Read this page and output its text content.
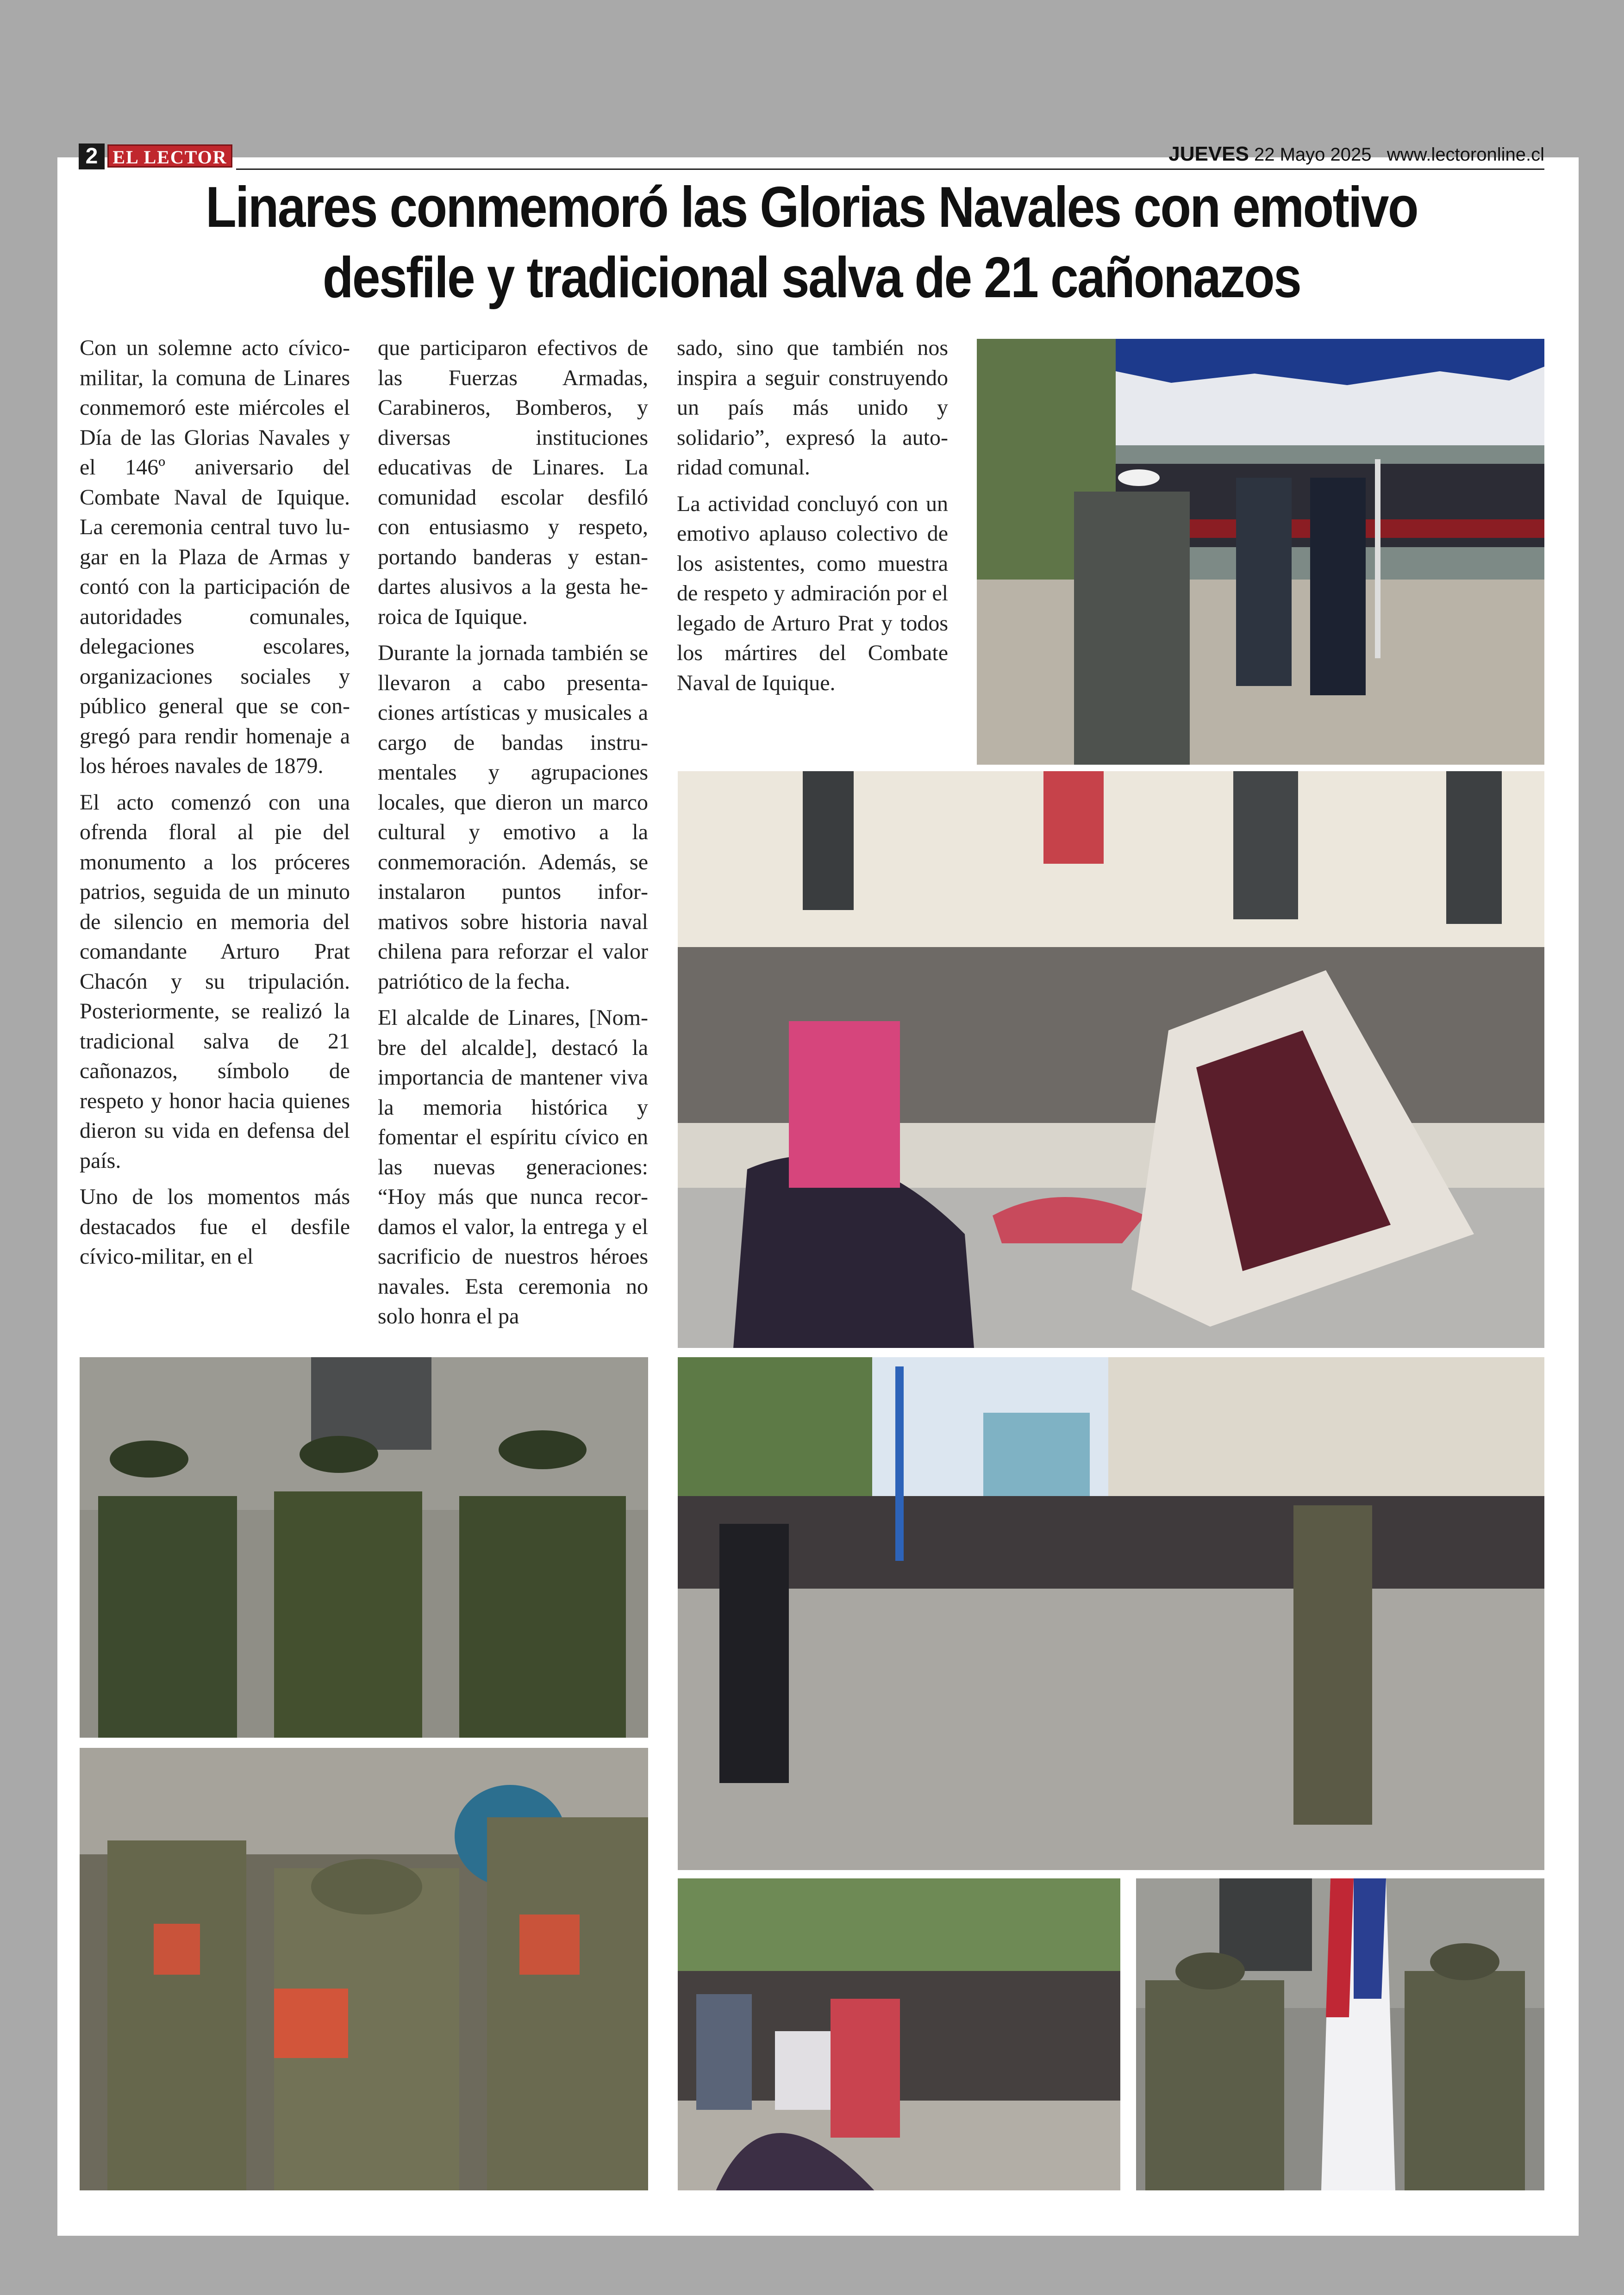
2 EL LECTOR	JUEVES 22 Mayo 2025 www.lectoronline.cl
Linares conmemoró las Glorias Navales con emotivo
desfile y tradicional salva de 21 cañonazos

Con un solemne acto cívico-militar, la comuna de Linares conmemoró este miércoles el Día de las Glorias Navales y el 146º aniversario del Combate Naval de Iquique. La ceremonia central tuvo lugar en la Plaza de Armas y contó con la participación de autoridades comunales, delegaciones escolares, organizaciones sociales y público general que se congregó para rendir homenaje a los héroes navales de 1879.

El acto comenzó con una ofrenda floral al pie del monumento a los próceres patrios, seguida de un minuto de silencio en memoria del comandante Arturo Prat Chacón y su tripulación. Posteriormente, se realizó la tradicional salva de 21 cañonazos, símbolo de respeto y honor hacia quienes dieron su vida en defensa del país.

Uno de los momentos más destacados fue el desfile cívico-militar, en el

que participaron efectivos de las Fuerzas Armadas, Carabineros, Bomberos, y diversas instituciones educativas de Linares. La comunidad escolar desfiló con entusiasmo y respeto, portando banderas y estandartes alusivos a la gesta heroica de Iquique.

Durante la jornada también se llevaron a cabo presentaciones artísticas y musicales a cargo de bandas instrumentales y agrupaciones locales, que dieron un marco cultural y emotivo a la conmemoración. Además, se instalaron puntos informativos sobre historia naval chilena para reforzar el valor patriótico de la fecha.

El alcalde de Linares, [Nombre del alcalde], destacó la importancia de mantener viva la memoria histórica y fomentar el espíritu cívico en las nuevas generaciones: “Hoy más que nunca recordamos el valor, la entrega y el sacrificio de nuestros héroes navales. Esta ceremonia no solo honra el pa

sado, sino que también nos inspira a seguir construyendo un país más unido y solidario”, expresó la autoridad comunal.

La actividad concluyó con un emotivo aplauso colectivo de los asistentes, como muestra de respeto y admiración por el legado de Arturo Prat y todos los mártires del Combate Naval de Iquique.
